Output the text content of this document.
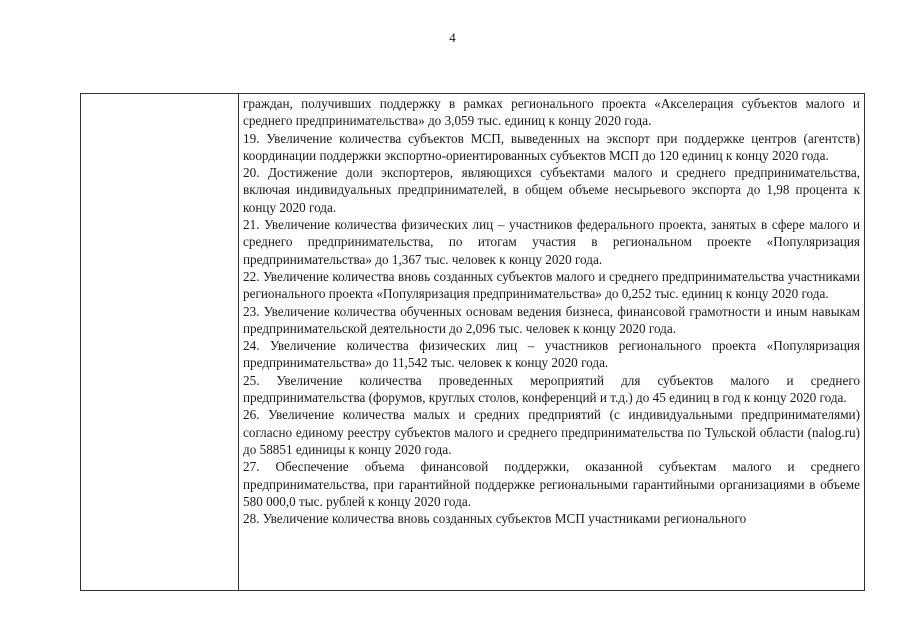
4

граждан, получивших поддержку в рамках регионального проекта «Акселерация субъектов малого и среднего предпринимательства» до 3,059 тыс. единиц к концу 2020 года.

19. Увеличение количества субъектов МСП, выведенных на экспорт при поддержке центров (агентств) координации поддержки экспортно-ориентированных субъектов МСП до 120 единиц к концу 2020 года.

20. Достижение доли экспортеров, являющихся субъектами малого и среднего предпринимательства, включая индивидуальных предпринимателей, в общем объеме несырьевого экспорта до 1,98 процента к концу 2020 года.

21. Увеличение количества физических лиц – участников федерального проекта, занятых в сфере малого и среднего предпринимательства, по итогам участия в региональном проекте «Популяризация предпринимательства» до 1,367 тыс. человек к концу 2020 года.

22. Увеличение количества вновь созданных субъектов малого и среднего предпринимательства участниками регионального проекта «Популяризация предпринимательства» до 0,252 тыс. единиц к концу 2020 года.

23. Увеличение количества обученных основам ведения бизнеса, финансовой грамотности и иным навыкам предпринимательской деятельности до 2,096 тыс. человек к концу 2020 года.

24. Увеличение количества физических лиц – участников регионального проекта «Популяризация предпринимательства» до 11,542 тыс. человек к концу 2020 года.

25. Увеличение количества проведенных мероприятий для субъектов малого и среднего предпринимательства (форумов, круглых столов, конференций и т.д.) до 45 единиц в год к концу 2020 года.

26. Увеличение количества малых и средних предприятий (с индивидуальными предпринимателями) согласно единому реестру субъектов малого и среднего предпринимательства по Тульской области (nalog.ru) до 58851 единицы к концу 2020 года.

27. Обеспечение объема финансовой поддержки, оказанной субъектам малого и среднего предпринимательства, при гарантийной поддержке региональными гарантийными организациями в объеме 580 000,0 тыс. рублей к концу 2020 года.

28. Увеличение количества вновь созданных субъектов МСП участниками регионального
